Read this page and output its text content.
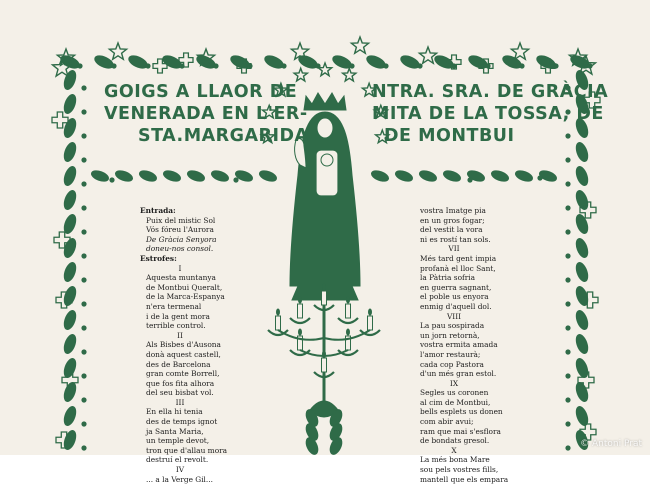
GOIGS A LLAOR DE
VENERADA EN L'ER-
STA.MARGARIDA
NTRA. SRA. DE GRÀCIA
MITA DE LA TOSSA, DE
DE MONTBUI
Entrada:
Puix del mistic Sol
Vós fóreu l'Aurora
De Gràcia Senyora
doneu-nos consol.
Estrofes:
I
Aquesta muntanya
de Montbui Queralt,
de la Marca-Espanya
n'era termenal
i de la gent mora
terrible control.
II
Als Bisbes d'Ausona
donà aquest castell,
des de Barcelona
gran comte Borrell,
que fos fita alhora
del seu bisbat vol.
III
En ella hi tenia
des de temps ignot
ja Santa Maria,
un temple devot,
tron que d'allau mora
destruí el revolt.
IV
... a la Verge Gil...
vostra Imatge pia
en un gros fogar;
del vestit la vora
ni es rostí tan sols.
VII
Més tard gent impia
profanà el lloc Sant,
la Pàtria sofria
en guerra sagnant,
el poble us enyora
enmig d'aquell dol.
VIII
La pau sospirada
un jorn retornà,
vostra ermita amada
l'amor restaurà;
cada cop Pastora
d'un més gran estol.
IX
Segles us coronen
al cim de Montbui,
bells esplets us donen
com abir avui;
ram que mai s'esflora
de bondats gresol.
X
La més bona Mare
sou pels vostres fills,
mantell que els empara
© Antoni Prat
